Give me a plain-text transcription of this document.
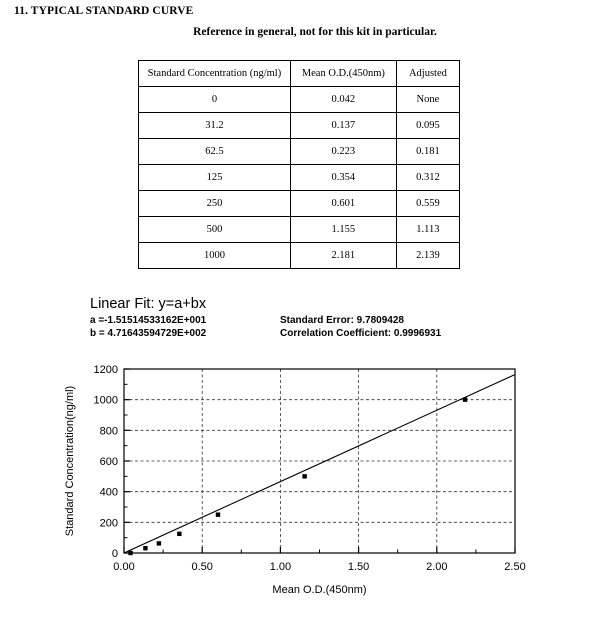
11. TYPICAL STANDARD CURVE
Reference in general, not for this kit in particular.
Standard Concentration (ng/ml)	Mean O.D.(450nm)	Adjusted
0	0.042	None
31.2	0.137	0.095
62.5	0.223	0.181
125	0.354	0.312
250	0.601	0.559
500	1.155	1.113
1000	2.181	2.139
Linear Fit: y=a+bx
a =-1.51514533162E+001	Standard Error: 9.7809428
b = 4.71643594729E+002	Correlation Coefficient: 0.9996931
0
200
400
600
800
1000
1200
0.00	0.50	1.00	1.50	2.00	2.50
Mean O.D.(450nm)
Standard Concentration(ng/ml)
